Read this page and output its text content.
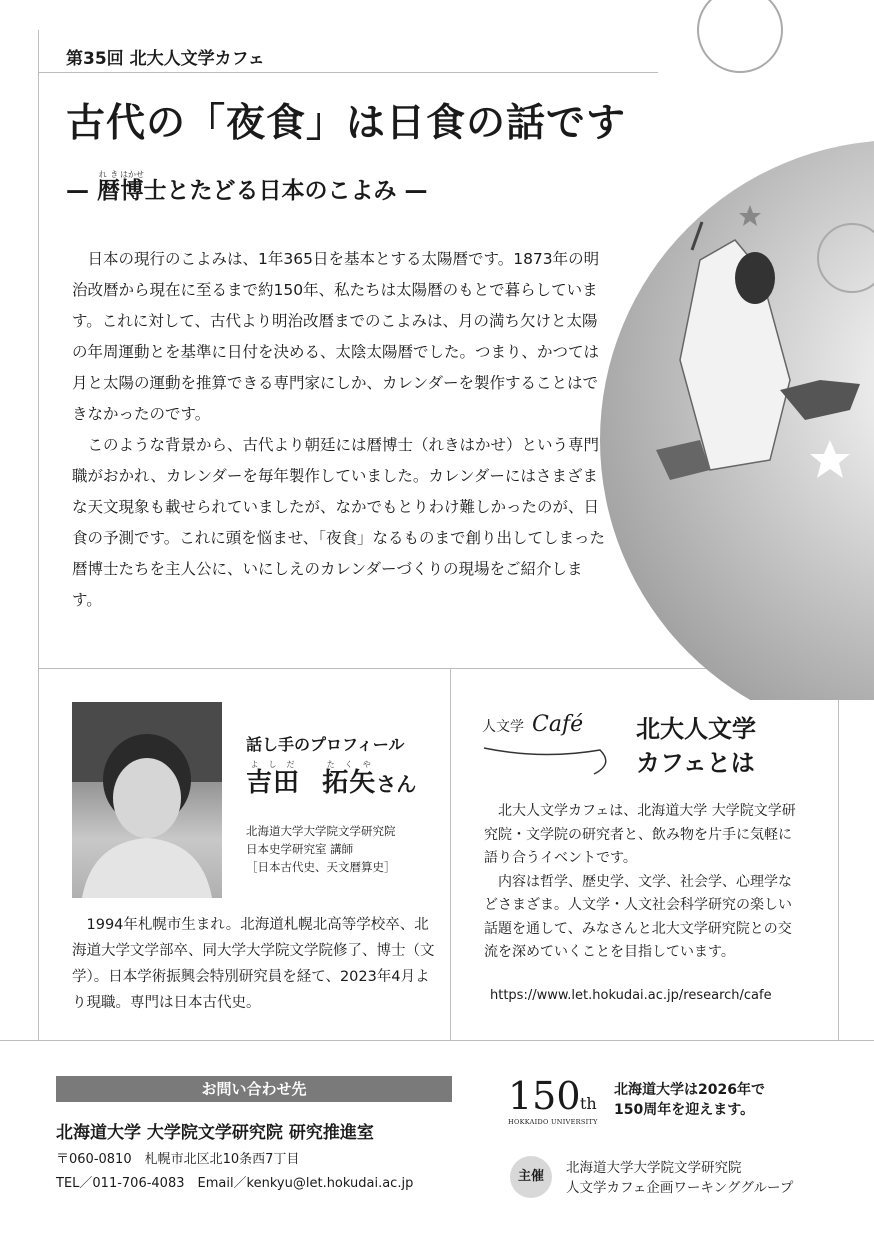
第35回 北大人文学カフェ
古代の「夜食」は日食の話です
— 暦れき博はかせ士とたどる日本のこよみ —

日本の現行のこよみは、1年365日を基本とする太陽暦です。1873年の明治改暦から現在に至るまで約150年、私たちは太陽暦のもとで暮らしています。これに対して、古代より明治改暦までのこよみは、月の満ち欠けと太陽の年周運動とを基準に日付を決める、太陰太陽暦でした。つまり、かつては月と太陽の運動を推算できる専門家にしか、カレンダーを製作することはできなかったのです。

このような背景から、古代より朝廷には暦博士（れきはかせ）という専門職がおかれ、カレンダーを毎年製作していました。カレンダーにはさまざまな天文現象も載せられていましたが、なかでもとりわけ難しかったのが、日食の予測です。これに頭を悩ませ、「夜食」なるものまで創り出してしまった暦博士たちを主人公に、いにしえのカレンダーづくりの現場をご紹介します。

話し手のプロフィール
吉田よしだ  拓矢たくやさん
北海道大学大学院文学研究院
日本史学研究室 講師
［日本古代史、天文暦算史］

1994年札幌市生まれ。北海道札幌北高等学校卒、北海道大学文学部卒、同大学大学院文学院修了、博士（文学）。日本学術振興会特別研究員を経て、2023年4月より現職。専門は日本古代史。

人文学 Café 北大人文学
カフェとは

北大人文学カフェは、北海道大学 大学院文学研究院・文学院の研究者と、飲み物を片手に気軽に語り合うイベントです。

内容は哲学、歴史学、文学、社会学、心理学などさまざま。人文学・人文社会科学研究の楽しい話題を通して、みなさんと北大文学研究院との交流を深めていくことを目指しています。

https://www.let.hokudai.ac.jp/research/cafe
お問い合わせ先
北海道大学 大学院文学研究院 研究推進室
〒060-0810　札幌市北区北10条西7丁目
TEL／011-706-4083　Email／kenkyu@let.hokudai.ac.jp
150 th
HOKKAIDO UNIVERSITY
北海道大学は2026年で
150周年を迎えます。
主催
北海道大学大学院文学研究院
人文学カフェ企画ワーキンググループ
